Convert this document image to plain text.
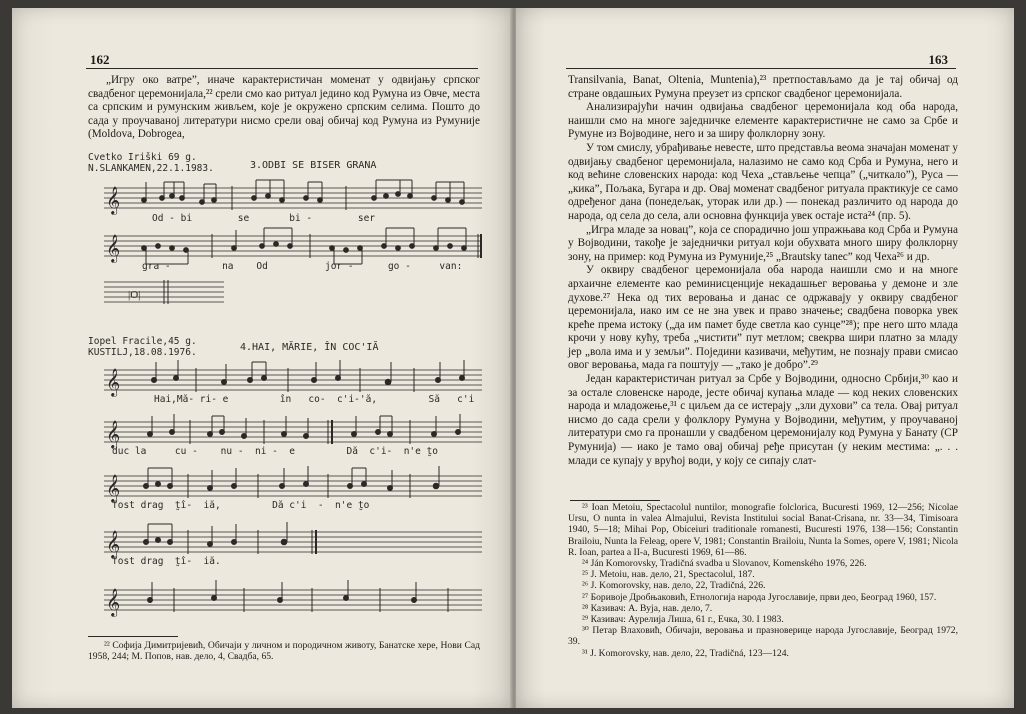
162

„Игру око ватре”, иначе карактеристичан моменат у одвијању српског свадбеног церемонијала,²² срели смо као ритуал једино код Румуна из Овче, места са српским и румунским живљем, које је окружено српским селима. Пошто до сада у проучаваној литератури нисмо срели овај обичај код Румуна из Румуније (Moldova, Dobrogea,

Cvetko Iriški 69 g.
N.SLANKAMEN,22.1.1983.	3.ODBI SE BISER GRANA
𝄞
𝄞
|O|
Od - bi        se       bi -        ser
gra -         na    Od          jor -      go -     van:
Iopel Fracile,45 g.
KUSTILJ,18.08.1976.	4.HAI, MĂRIE, ÎN COC'IĂ
𝄞
𝄞
𝄞
𝄞
𝄞
Hai,Mă- ri- e         în   co-  c'i-'ă,         Să   c'i
duc la     cu -    nu -  ni -  e         Dă  c'i-  n'e t̮o
fost drag  t̮î-  iă,         Dă c'i  -  n'e t̮o
fost drag  t̮î-  iă.
²² Софија Димитријевић, Обичаји у личном и породичном животу, Банатске хере, Нови Сад 1958, 244; М. Попов, нав. дело, 4, Свадба, 65.
163

Transilvania, Banat, Oltenia, Muntenia),²³ претпостављамо да је тај обичај од стране овдашњих Румуна преузет из српског свадбеног церемонијала.

Анализирајући начин одвијања свадбеног церемонијала код оба народа, наишли смо на многе заједничке елементе карактеристичне не само за Србе и Румуне из Војводине, него и за ширу фолклорну зону.

У том смислу, убрађивање невесте, што представља веома значајан моменат у одвијању свадбеног церемонијала, налазимо не само код Срба и Румуна, него и код већине словенских народа: код Чеха „стављење чепца” („читкало”), Руса — „кика”, Пољака, Бугара и др. Овај моменат свадбеног ритуала практикује се само одређеног дана (понедељак, уторак или др.) — понекад различито од народа до народа, од села до села, али основна функција увек остаје иста²⁴ (пр. 5).

„Игра младе за новац”, која се спорадично још упражњава код Срба и Румуна у Војводини, такође је заједнички ритуал који обухвата много ширу фолклорну зону, на пример: код Румуна из Румуније,²⁵ „Brautsky tanec” код Чеха²⁶ и др.

У оквиру свадбеног церемонијала оба народа наишли смо и на многе архаичне елементе као реминисценције некадашњег веровања у демоне и зле духове.²⁷ Нека од тих веровања и данас се одржавају у оквиру свадбеног церемонијала, иако им се не зна увек и право значење; свадбена поворка увек креће према истоку („да им памет буде светла као сунце”²⁸); пре него што млада крочи у нову кућу, треба „чистити” пут метлом; свекрва шири платно за младу јер „вола има и у земљи”. Поједини казивачи, међутим, не познају прави смисао овог веровања, мада га поштују — „тако је добро”.²⁹

Један карактеристичан ритуал за Србе у Војводини, односно Србији,³⁰ као и за остале словенске народе, јесте обичај купања младе — код неких словенских народа и младожење,³¹ с циљем да се истерају „зли духови” са тела. Овај ритуал нисмо до сада срели у фолклору Румуна у Војводини, међутим, у проучаваној литератури смо га пронашли у свадбеном церемонијалу код Румуна у Банату (СР Румунија) — иако је тамо овај обичај ређе присутан (у неким местима: „. . . млади се купају у врућој води, у коју се сипају слат-

²³ Ioan Metoiu, Spectacolul nuntilor, monografie folclorica, Bucuresti 1969, 12—256; Nicolae Ursu, O nunta in valea Almajului, Revista Institului social Banat-Crisana, nr. 33—34, Timisoara 1940, 5—18; Mihai Pop, Obiceiuri traditionale romanesti, Bucuresti 1976, 138—156; Constantin Brailoiu, Nunta la Feleag, opere V, 1981; Constantin Brailoiu, Nunta la Somes, opere V, 1981; Nicola R. Ioan, partea a II-a, Bucuresti 1969, 61—86.
²⁴ Ján Komorovsky, Tradičná svadba u Slovanov, Komenského 1976, 226.
²⁵ J. Metoiu, нав. дело, 21, Spectacolul, 187.
²⁶ J. Komorovsky, нав. дело, 22, Tradičná, 226.
²⁷ Боривоје Дробњаковић, Етнологија народа Југославије, први део, Београд 1960, 157.
²⁸ Казивач: А. Вуја, нав. дело, 7.
²⁹ Казивач: Аурелија Лиша, 61 г., Ечка, 30. I 1983.
³⁰ Петар Влаховић, Обичаји, веровања и празноверице народа Југославије, Београд 1972, 39.
³¹ J. Komorovsky, нав. дело, 22, Tradičná, 123—124.
